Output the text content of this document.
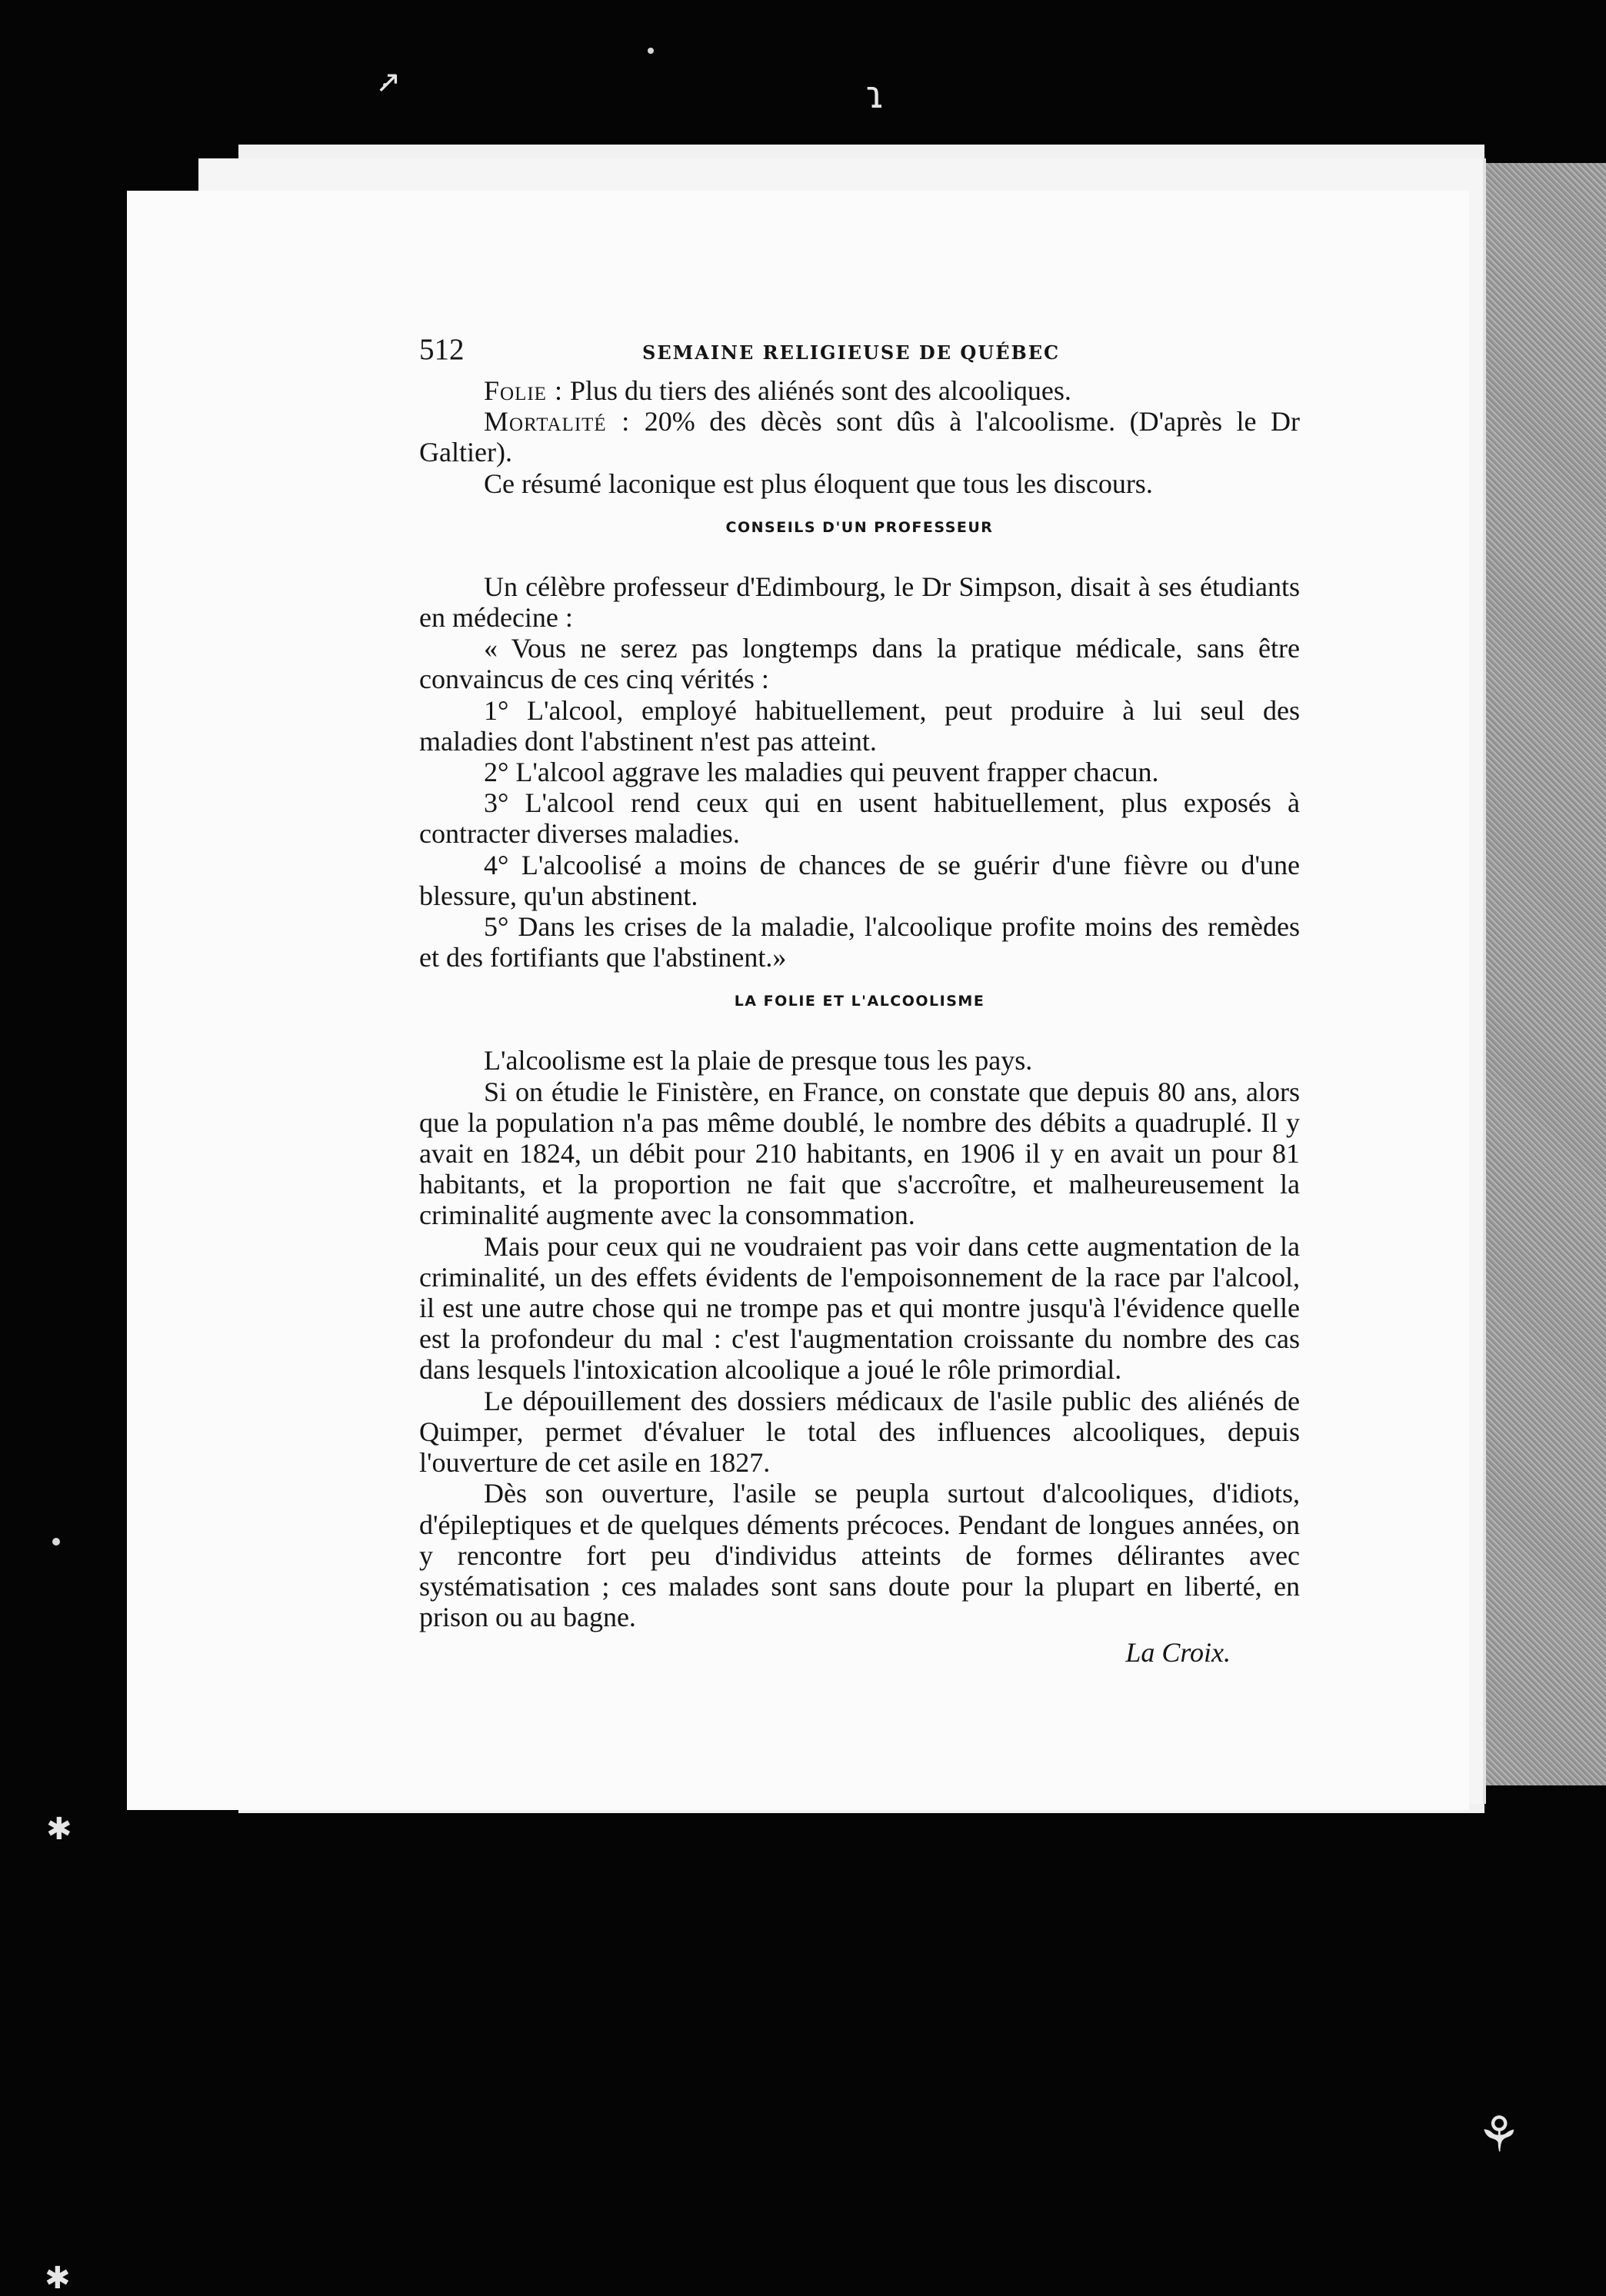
ɿ
↗
⚘
✱
✱
512	SEMAINE RELIGIEUSE DE QUÉBEC

Folie : Plus du tiers des aliénés sont des alcooliques.

Mortalité : 20% des dècès sont dûs à l'alcoolisme. (D'après le Dr Galtier).

Ce résumé laconique est plus éloquent que tous les discours.

CONSEILS D'UN PROFESSEUR

Un célèbre professeur d'Edimbourg, le Dr Simpson, disait à ses étudiants en médecine :

« Vous ne serez pas longtemps dans la pratique médicale, sans être convaincus de ces cinq vérités :

1° L'alcool, employé habituellement, peut produire à lui seul des maladies dont l'abstinent n'est pas atteint.

2° L'alcool aggrave les maladies qui peuvent frapper chacun.

3° L'alcool rend ceux qui en usent habituellement, plus exposés à contracter diverses maladies.

4° L'alcoolisé a moins de chances de se guérir d'une fièvre ou d'une blessure, qu'un abstinent.

5° Dans les crises de la maladie, l'alcoolique profite moins des remèdes et des fortifiants que l'abstinent.»

LA FOLIE ET L'ALCOOLISME

L'alcoolisme est la plaie de presque tous les pays.

Si on étudie le Finistère, en France, on constate que depuis 80 ans, alors que la population n'a pas même doublé, le nombre des débits a quadruplé. Il y avait en 1824, un débit pour 210 habitants, en 1906 il y en avait un pour 81 habitants, et la proportion ne fait que s'accroître, et malheureusement la criminalité augmente avec la consommation.

Mais pour ceux qui ne voudraient pas voir dans cette augmentation de la criminalité, un des effets évidents de l'empoisonnement de la race par l'alcool, il est une autre chose qui ne trompe pas et qui montre jusqu'à l'évidence quelle est la profondeur du mal : c'est l'augmentation croissante du nombre des cas dans lesquels l'intoxication alcoolique a joué le rôle primordial.

Le dépouillement des dossiers médicaux de l'asile public des aliénés de Quimper, permet d'évaluer le total des influences alcooliques, depuis l'ouverture de cet asile en 1827.

Dès son ouverture, l'asile se peupla surtout d'alcooliques, d'idiots, d'épileptiques et de quelques déments précoces. Pendant de longues années, on y rencontre fort peu d'individus atteints de formes délirantes avec systématisation ; ces malades sont sans doute pour la plupart en liberté, en prison ou au bagne.

La Croix.
